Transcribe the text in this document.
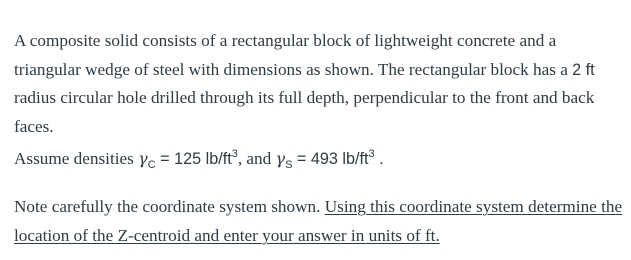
A composite solid consists of a rectangular block of lightweight concrete and a triangular wedge of steel with dimensions as shown. The rectangular block has a 2 ft radius circular hole drilled through its full depth, perpendicular to the front and back faces.

Assume densities $\gamma_C = 125$ $lb/ft^3$, and $\gamma_S = 493$ $lb/ft^3$ .

Note carefully the coordinate system shown. Using this coordinate system determine the location of the Z-centroid and enter your answer in units of ft.
